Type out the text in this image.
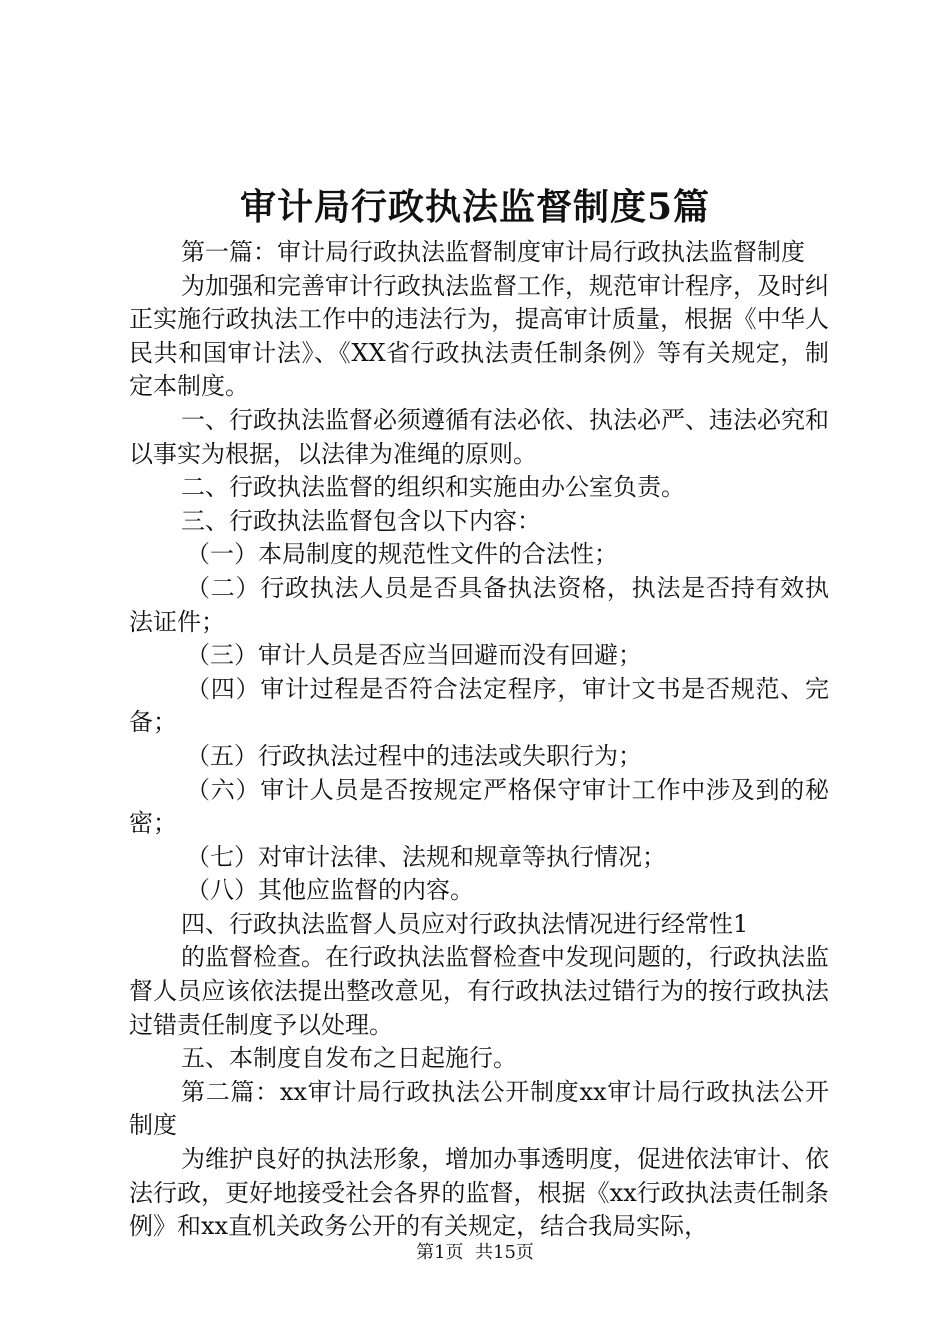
审计局行政执法监督制度5篇

第一篇：审计局行政执法监督制度审计局行政执法监督制度

为加强和完善审计行政执法监督工作，规范审计程序，及时纠正实施行政执法工作中的违法行为，提高审计质量，根据《中华人民共和国审计法》、《XX省行政执法责任制条例》等有关规定，制定本制度。

一、行政执法监督必须遵循有法必依、执法必严、违法必究和以事实为根据，以法律为准绳的原则。

二、行政执法监督的组织和实施由办公室负责。

三、行政执法监督包含以下内容：

（一）本局制度的规范性文件的合法性；

（二）行政执法人员是否具备执法资格，执法是否持有效执法证件；

（三）审计人员是否应当回避而没有回避；

（四）审计过程是否符合法定程序，审计文书是否规范、完备；

（五）行政执法过程中的违法或失职行为；

（六）审计人员是否按规定严格保守审计工作中涉及到的秘密；

（七）对审计法律、法规和规章等执行情况；

（八）其他应监督的内容。

四、行政执法监督人员应对行政执法情况进行经常性1

的监督检查。在行政执法监督检查中发现问题的，行政执法监督人员应该依法提出整改意见，有行政执法过错行为的按行政执法过错责任制度予以处理。

五、本制度自发布之日起施行。

第二篇：xx审计局行政执法公开制度xx审计局行政执法公开制度

为维护良好的执法形象，增加办事透明度，促进依法审计、依法行政，更好地接受社会各界的监督，根据《xx行政执法责任制条例》和xx直机关政务公开的有关规定，结合我局实际，

第1页  共15页
